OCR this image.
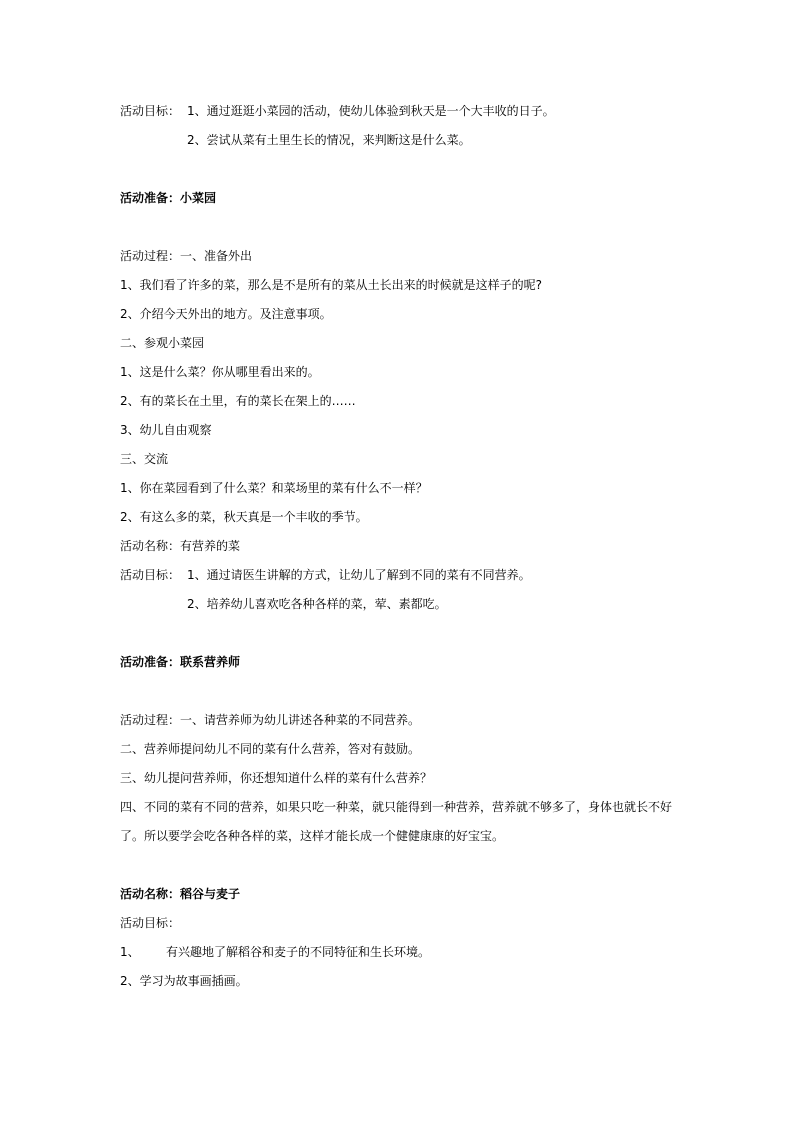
活动目标： 1、通过逛逛小菜园的活动，使幼儿体验到秋天是一个大丰收的日子。
2、尝试从菜有土里生长的情况，来判断这是什么菜。
活动准备：小菜园
活动过程：一、准备外出
1、我们看了许多的菜，那么是不是所有的菜从土长出来的时候就是这样子的呢?
2、介绍今天外出的地方。及注意事项。
二、参观小菜园
1、这是什么菜？你从哪里看出来的。
2、有的菜长在土里，有的菜长在架上的……
3、幼儿自由观察
三、交流
1、你在菜园看到了什么菜？和菜场里的菜有什么不一样？
2、有这么多的菜，秋天真是一个丰收的季节。
活动名称：有营养的菜
活动目标： 1、通过请医生讲解的方式，让幼儿了解到不同的菜有不同营养。
2、培养幼儿喜欢吃各种各样的菜，荤、素都吃。
活动准备：联系营养师
活动过程：一、请营养师为幼儿讲述各种菜的不同营养。
二、营养师提问幼儿不同的菜有什么营养，答对有鼓励。
三、幼儿提问营养师，你还想知道什么样的菜有什么营养？
四、不同的菜有不同的营养，如果只吃一种菜，就只能得到一种营养，营养就不够多了，身体也就长不好
了。所以要学会吃各种各样的菜，这样才能长成一个健健康康的好宝宝。
活动名称：稻谷与麦子
活动目标：
1、 有兴趣地了解稻谷和麦子的不同特征和生长环境。
2、学习为故事画插画。
